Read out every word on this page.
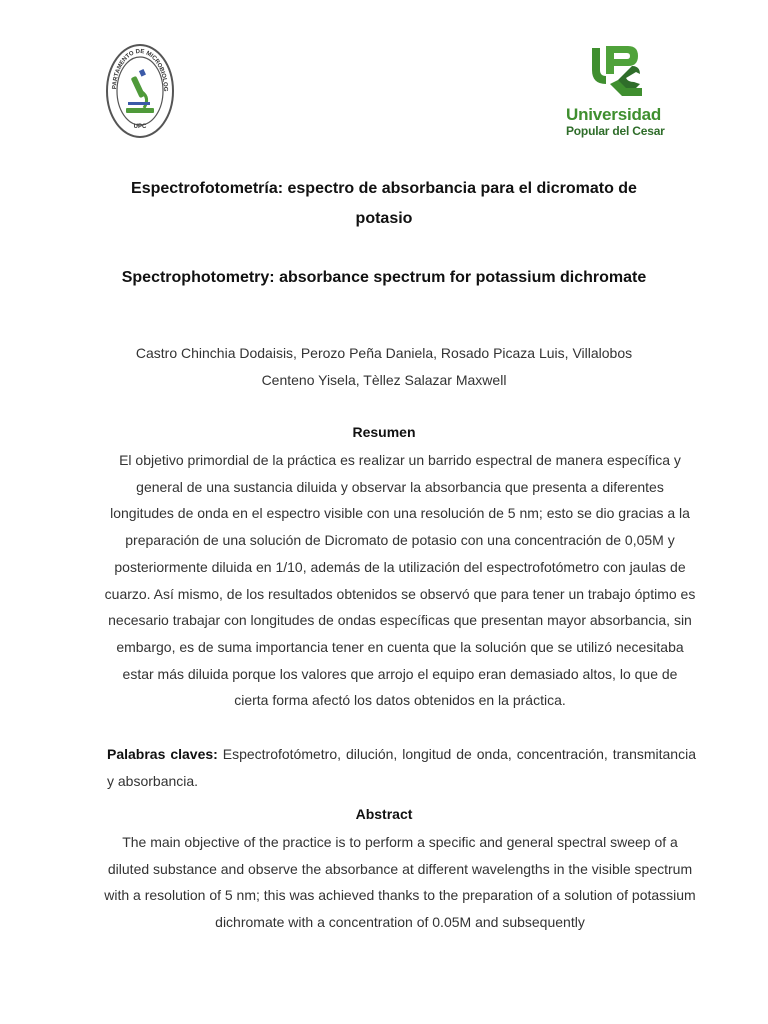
PARTAMENTO DE MICROBIOLOG
UPC
Universidad
Popular del Cesar
Espectrofotometría: espectro de absorbancia para el dicromato de potasio
Spectrophotometry: absorbance spectrum for potassium dichromate
Castro Chinchia Dodaisis, Perozo Peña Daniela, Rosado Picaza Luis, Villalobos Centeno Yisela, Tèllez Salazar Maxwell
Resumen
El objetivo primordial de la práctica es realizar un barrido espectral de manera específica y general de una sustancia diluida y observar la absorbancia que presenta a diferentes longitudes de onda en el espectro visible con una resolución de 5 nm; esto se dio gracias a la preparación de una solución de Dicromato de potasio con una concentración de 0,05M y posteriormente diluida en 1/10, además de la utilización del espectrofotómetro con jaulas de cuarzo. Así mismo, de los resultados obtenidos se observó que para tener un trabajo óptimo es necesario trabajar con longitudes de ondas específicas que presentan mayor absorbancia, sin embargo, es de suma importancia tener en cuenta que la solución que se utilizó necesitaba estar más diluida porque los valores que arrojo el equipo eran demasiado altos, lo que de cierta forma afectó los datos obtenidos en la práctica.
Palabras claves: Espectrofotómetro, dilución, longitud de onda, concentración, transmitancia y absorbancia.
Abstract
The main objective of the practice is to perform a specific and general spectral sweep of a diluted substance and observe the absorbance at different wavelengths in the visible spectrum with a resolution of 5 nm; this was achieved thanks to the preparation of a solution of potassium dichromate with a concentration of 0.05M and subsequently
